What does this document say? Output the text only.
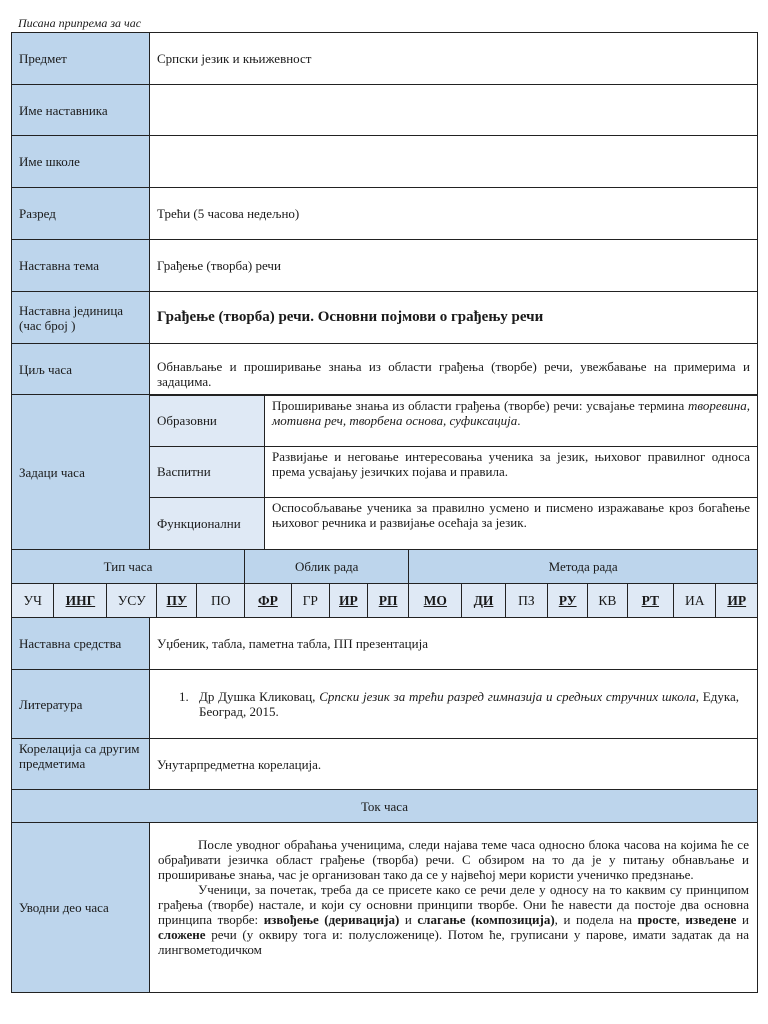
Писана припрема за час
Предмет	Српски језик и књижевност
Име наставника	
Име школе	
Разред	Трећи (5 часова недељно)
Наставна тема	Грађење (творба) речи
Наставна јединица (час број )	Грађење (творба) речи. Основни појмови о грађењу речи
Циљ часа	Обнављање и проширивање знања из области грађења (творбе) речи, увежбавање на примерима и задацима.
Задаци часа	
Образовни	Проширивање знања из области грађења (творбе) речи: усвајање термина творевина, мотивна реч, творбена основа, суфиксација.
Васпитни	Развијање и неговање интересовања ученика за језик, њиховог правилног односа према усвајању језичких појава и правила.
Функционални	Оспособљавање ученика за правилно усмено и писмено изражавање кроз богаћење њиховог речника и развијање осећаја за језик.

Тип часа	Облик рада	Метода рада
УЧ	ИНГ	УСУ	ПУ	ПО	ФР	ГР	ИР	РП	МО	ДИ	ПЗ	РУ	КВ	РТ	ИА	ИР

Наставна средства	Уџбеник, табла, паметна табла, ПП презентација
Литература	1. Др Душка Кликовац, Српски језик за трећи разред гимназија и средњих стручних школа, Едука, Београд, 2015.
Корелација са другим предметима	Унутарпредметна корелација.
Ток часа
Уводни део часа	

После уводног обраћања ученицима, следи најава теме часа односно блока часова на којима ће се обрађивати језичка област грађење (творба) речи. С обзиром на то да је у питању обнављање и проширивање знања, час је организован тако да се у највећој мери користи ученичко предзнање.

Ученици, за почетак, треба да се присете како се речи деле у односу на то каквим су принципом грађења (творбе) настале, и који су основни принципи творбе. Они ће навести да постоје два основна принципа творбе: извођење (деривација) и слагање (композиција), и подела на просте, изведене и сложене речи (у оквиру тога и: полусложенице). Потом ће, груписани у парове, имати задатак да на лингвометодичком
